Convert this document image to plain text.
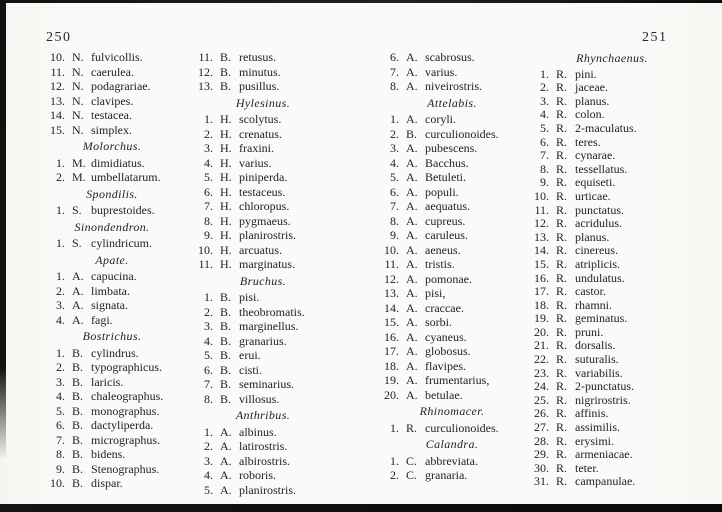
250	251
10. N. fulvicollis.
11. N. caerulea.
12. N. podagrariae.
13. N. clavipes.
14. N. testacea.
15. N. simplex.
Molorchus.
1. M. dimidiatus.
2. M. umbellatarum.
Spondilis.
1. S. buprestoides.
Sinondendron.
1. S. cylindricum.
Apate.
1. A. capucina.
2. A. limbata.
3. A. signata.
4. A. fagi.
Bostrichus.
1. B. cylindrus.
2. B. typographicus.
3. B. laricis.
4. B. chaleographus.
5. B. monographus.
6. B. dactyliperda.
7. B. micrographus.
8. B. bidens.
9. B. Stenographus.
10. B. dispar.
11. B. retusus.
12. B. minutus.
13. B. pusillus.
Hylesinus.
1. H. scolytus.
2. H. crenatus.
3. H. fraxini.
4. H. varius.
5. H. piniperda.
6. H. testaceus.
7. H. chloropus.
8. H. pygmaeus.
9. H. planirostris.
10. H. arcuatus.
11. H. marginatus.
Bruchus.
1. B. pisi.
2. B. theobromatis.
3. B. marginellus.
4. B. granarius.
5. B. erui.
6. B. cisti.
7. B. seminarius.
8. B. villosus.
Anthribus.
1. A. albinus.
2. A. latirostris.
3. A. albirostris.
4. A. roboris.
5. A. planirostris.
6. A. scabrosus.
7. A. varius.
8. A. niveirostris.
Attelabis.
1. A. coryli.
2. B. curculionoides.
3. A. pubescens.
4. A. Bacchus.
5. A. Betuleti.
6. A. populi.
7. A. aequatus.
8. A. cupreus.
9. A. caruleus.
10. A. aeneus.
11. A. tristis.
12. A. pomonae.
13. A. pisi,
14. A. craccae.
15. A. sorbi.
16. A. cyaneus.
17. A. globosus.
18. A. flavipes.
19. A. frumentarius,
20. A. betulae.
Rhinomacer.
1. R. curculionoides.
Calandra.
1. C. abbreviata.
2. C. granaria.
Rhynchaenus.
1. R. pini.
2. R. jaceae.
3. R. planus.
4. R. colon.
5. R. 2-maculatus.
6. R. teres.
7. R. cynarae.
8. R. tessellatus.
9. R. equiseti.
10. R. urticae.
11. R. punctatus.
12. R. acridulus.
13. R. planus.
14. R. cinereus.
15. R. atriplicis.
16. R. undulatus.
17. R. castor.
18. R. rhamni.
19. R. geminatus.
20. R. pruni.
21. R. dorsalis.
22. R. suturalis.
23. R. variabilis.
24. R. 2-punctatus.
25. R. nigrirostris.
26. R. affinis.
27. R. assimilis.
28. R. erysimi.
29. R. armeniacae.
30. R. teter.
31. R. campanulae.
